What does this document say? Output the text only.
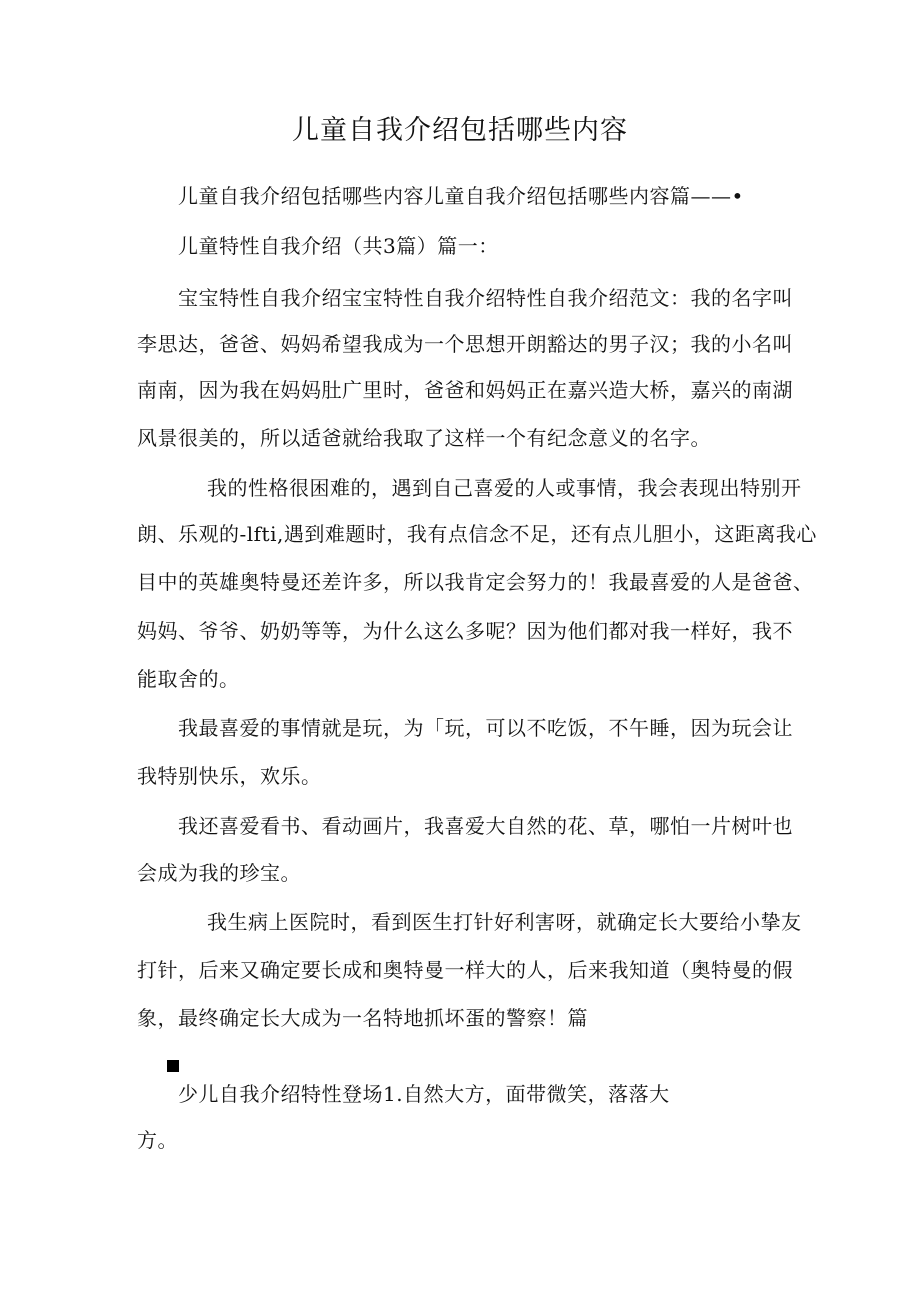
儿童自我介绍包括哪些内容
儿童自我介绍包括哪些内容儿童自我介绍包括哪些内容篇——•
儿童特性自我介绍（共3篇）篇一：
宝宝特性自我介绍宝宝特性自我介绍特性自我介绍范文：我的名字叫
李思达，爸爸、妈妈希望我成为一个思想开朗豁达的男子汉；我的小名叫
南南，因为我在妈妈肚广里时，爸爸和妈妈正在嘉兴造大桥，嘉兴的南湖
风景很美的，所以适爸就给我取了这样一个有纪念意义的名字。
我的性格很困难的，遇到自己喜爱的人或事情，我会表现出特别开
朗、乐观的-lfti,遇到难题时，我有点信念不足，还有点儿胆小，这距离我心
目中的英雄奥特曼还差许多，所以我肯定会努力的！我最喜爱的人是爸爸、
妈妈、爷爷、奶奶等等，为什么这么多呢？因为他们都对我一样好，我不
能取舍的。
我最喜爱的事情就是玩，为「玩，可以不吃饭，不午睡，因为玩会让
我特别快乐，欢乐。
我还喜爱看书、看动画片，我喜爱大自然的花、草，哪怕一片树叶也
会成为我的珍宝。
我生病上医院时，看到医生打针好利害呀，就确定长大要给小挚友
打针，后来又确定要长成和奥特曼一样大的人，后来我知道（奥特曼的假
象，最终确定长大成为一名特地抓坏蛋的警察！篇
少儿自我介绍特性登场1.自然大方，面带微笑，落落大
方。
